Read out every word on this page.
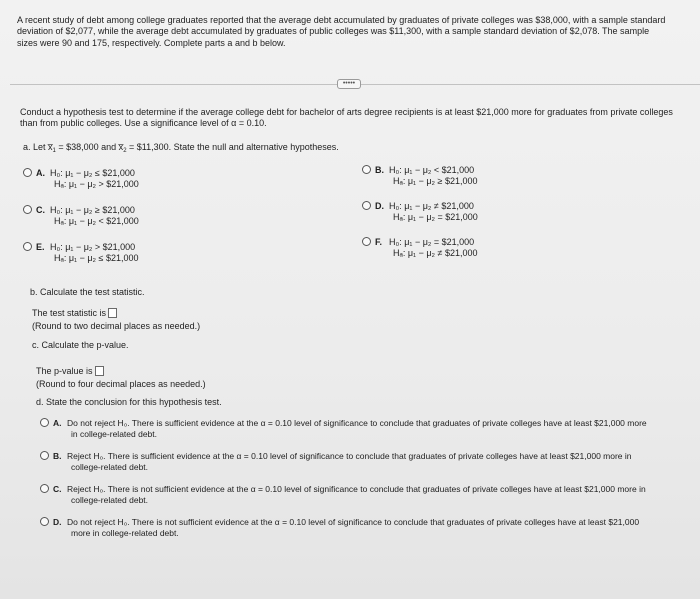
A recent study of debt among college graduates reported that the average debt accumulated by graduates of private colleges was $38,000, with a sample standard

deviation of $2,077, while the average debt accumulated by graduates of public colleges was $11,300, with a sample standard deviation of $2,078. The sample

sizes were 90 and 175, respectively. Complete parts a and b below.

•••••

Conduct a hypothesis test to determine if the average college debt for bachelor of arts degree recipients is at least $21,000 more for graduates from private colleges

than from public colleges. Use a significance level of α = 0.10.

a. Let $x̅_1$ = $38,000 and $x̅_2$ = $11,300. State the null and alternative hypotheses.
A. H₀: μ₁ − μ₂ ≤ $21,000
Hₐ: μ₁ − μ₂ > $21,000
B. H₀: μ₁ − μ₂ < $21,000
Hₐ: μ₁ − μ₂ ≥ $21,000
C. H₀: μ₁ − μ₂ ≥ $21,000
Hₐ: μ₁ − μ₂ < $21,000
D. H₀: μ₁ − μ₂ ≠ $21,000
Hₐ: μ₁ − μ₂ = $21,000
E. H₀: μ₁ − μ₂ > $21,000
Hₐ: μ₁ − μ₂ ≤ $21,000
F. H₀: μ₁ − μ₂ = $21,000
Hₐ: μ₁ − μ₂ ≠ $21,000
b. Calculate the test statistic.
The test statistic is
(Round to two decimal places as needed.)
c. Calculate the p-value.
The p-value is
(Round to four decimal places as needed.)
d. State the conclusion for this hypothesis test.
A. Do not reject H₀. There is sufficient evidence at the α = 0.10 level of significance to conclude that graduates of private colleges have at least $21,000 more
in college-related debt.
B. Reject H₀. There is sufficient evidence at the α = 0.10 level of significance to conclude that graduates of private colleges have at least $21,000 more in
college-related debt.
C. Reject H₀. There is not sufficient evidence at the α = 0.10 level of significance to conclude that graduates of private colleges have at least $21,000 more in
college-related debt.
D. Do not reject H₀. There is not sufficient evidence at the α = 0.10 level of significance to conclude that graduates of private colleges have at least $21,000
more in college-related debt.
